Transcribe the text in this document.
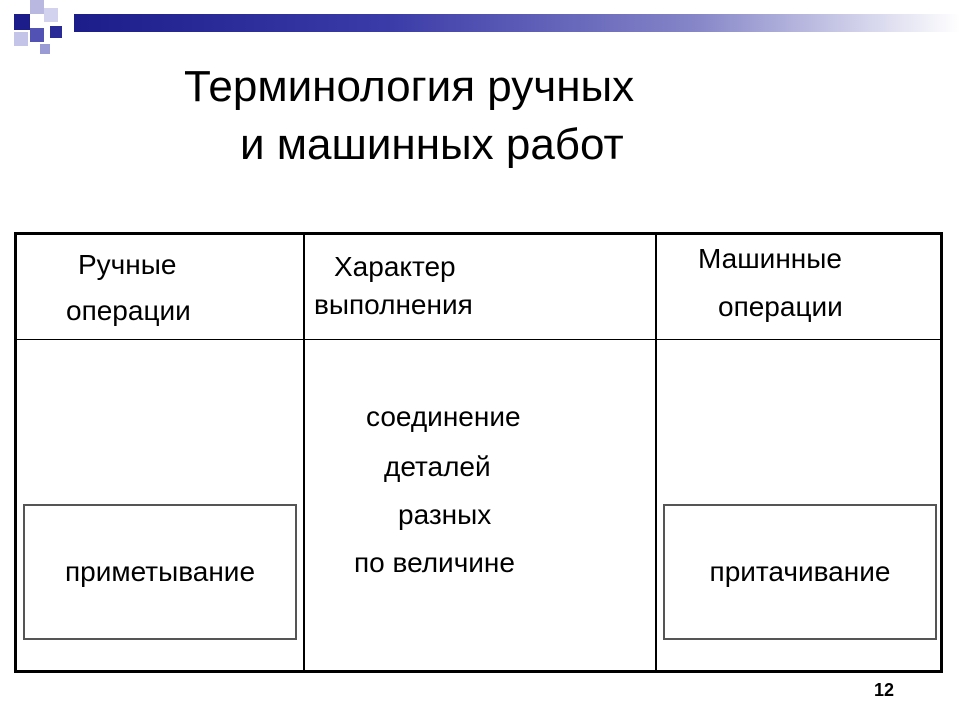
Терминология ручных
и машинных работ
Ручные
операции
Характер
выполнения
Машинные
операции
соединение
деталей
разных
по величине
приметывание	притачивание
12
